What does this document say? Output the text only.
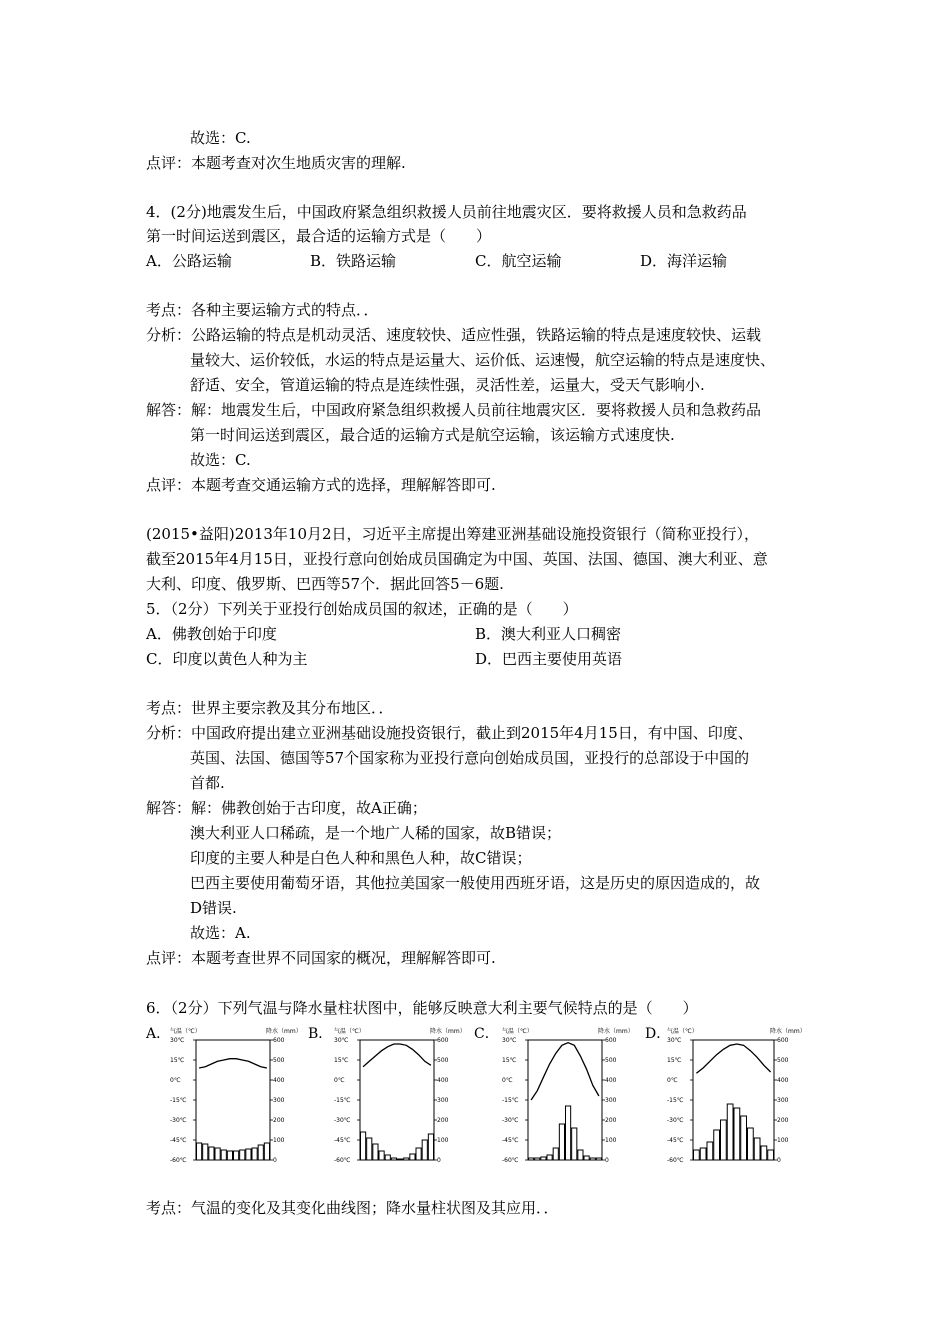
故选：C.
点评：本题考查对次生地质灾害的理解.
4．(2分)地震发生后，中国政府紧急组织救援人员前往地震灾区．要将救援人员和急救药品
第一时间运送到震区，最合适的运输方式是（　　）
A．公路运输	B．铁路运输	C．航空运输	D．海洋运输
考点：各种主要运输方式的特点．．
分析：公路运输的特点是机动灵活、速度较快、适应性强，铁路运输的特点是速度较快、运载
量较大、运价较低，水运的特点是运量大、运价低、运速慢，航空运输的特点是速度快、
舒适、安全，管道运输的特点是连续性强，灵活性差，运量大，受天气影响小.
解答：解：地震发生后，中国政府紧急组织救援人员前往地震灾区．要将救援人员和急救药品
第一时间运送到震区，最合适的运输方式是航空运输，该运输方式速度快.
故选：C.
点评：本题考查交通运输方式的选择，理解解答即可.
(2015•益阳)2013年10月2日，习近平主席提出筹建亚洲基础设施投资银行（简称亚投行），
截至2015年4月15日，亚投行意向创始成员国确定为中国、英国、法国、德国、澳大利亚、意
大利、印度、俄罗斯、巴西等57个．据此回答5－6题.
5．（2分）下列关于亚投行创始成员国的叙述，正确的是（　　）
A．佛教创始于印度	B．澳大利亚人口稠密
C．印度以黄色人种为主	D．巴西主要使用英语
考点：世界主要宗教及其分布地区．．
分析：中国政府提出建立亚洲基础设施投资银行，截止到2015年4月15日，有中国、印度、
英国、法国、德国等57个国家称为亚投行意向创始成员国，亚投行的总部设于中国的
首都.
解答：解：佛教创始于古印度，故A正确；
澳大利亚人口稀疏，是一个地广人稀的国家，故B错误；
印度的主要人种是白色人种和黑色人种，故C错误；
巴西主要使用葡萄牙语，其他拉美国家一般使用西班牙语，这是历史的原因造成的，故
D错误.
故选：A.
点评：本题考查世界不同国家的概况，理解解答即可.
6．（2分）下列气温与降水量柱状图中，能够反映意大利主要气候特点的是（　　）
A．	B．	C．	D．
气温（℃）	降水（mm）
30℃	600
15℃	500
0℃	400
-15℃	300
-30℃	200
-45℃	100
-60℃	0
气温（℃）	降水（mm）
30℃	600
15℃	500
0℃	400
-15℃	300
-30℃	200
-45℃	100
-60℃	0
气温（℃）	降水（mm）
30℃	600
15℃	500
0℃	400
-15℃	300
-30℃	200
-45℃	100
-60℃	0
气温（℃）	降水（mm）
30℃	600
15℃	500
0℃	400
-15℃	300
-30℃	200
-45℃	100
-60℃	0
考点：气温的变化及其变化曲线图；降水量柱状图及其应用．．
